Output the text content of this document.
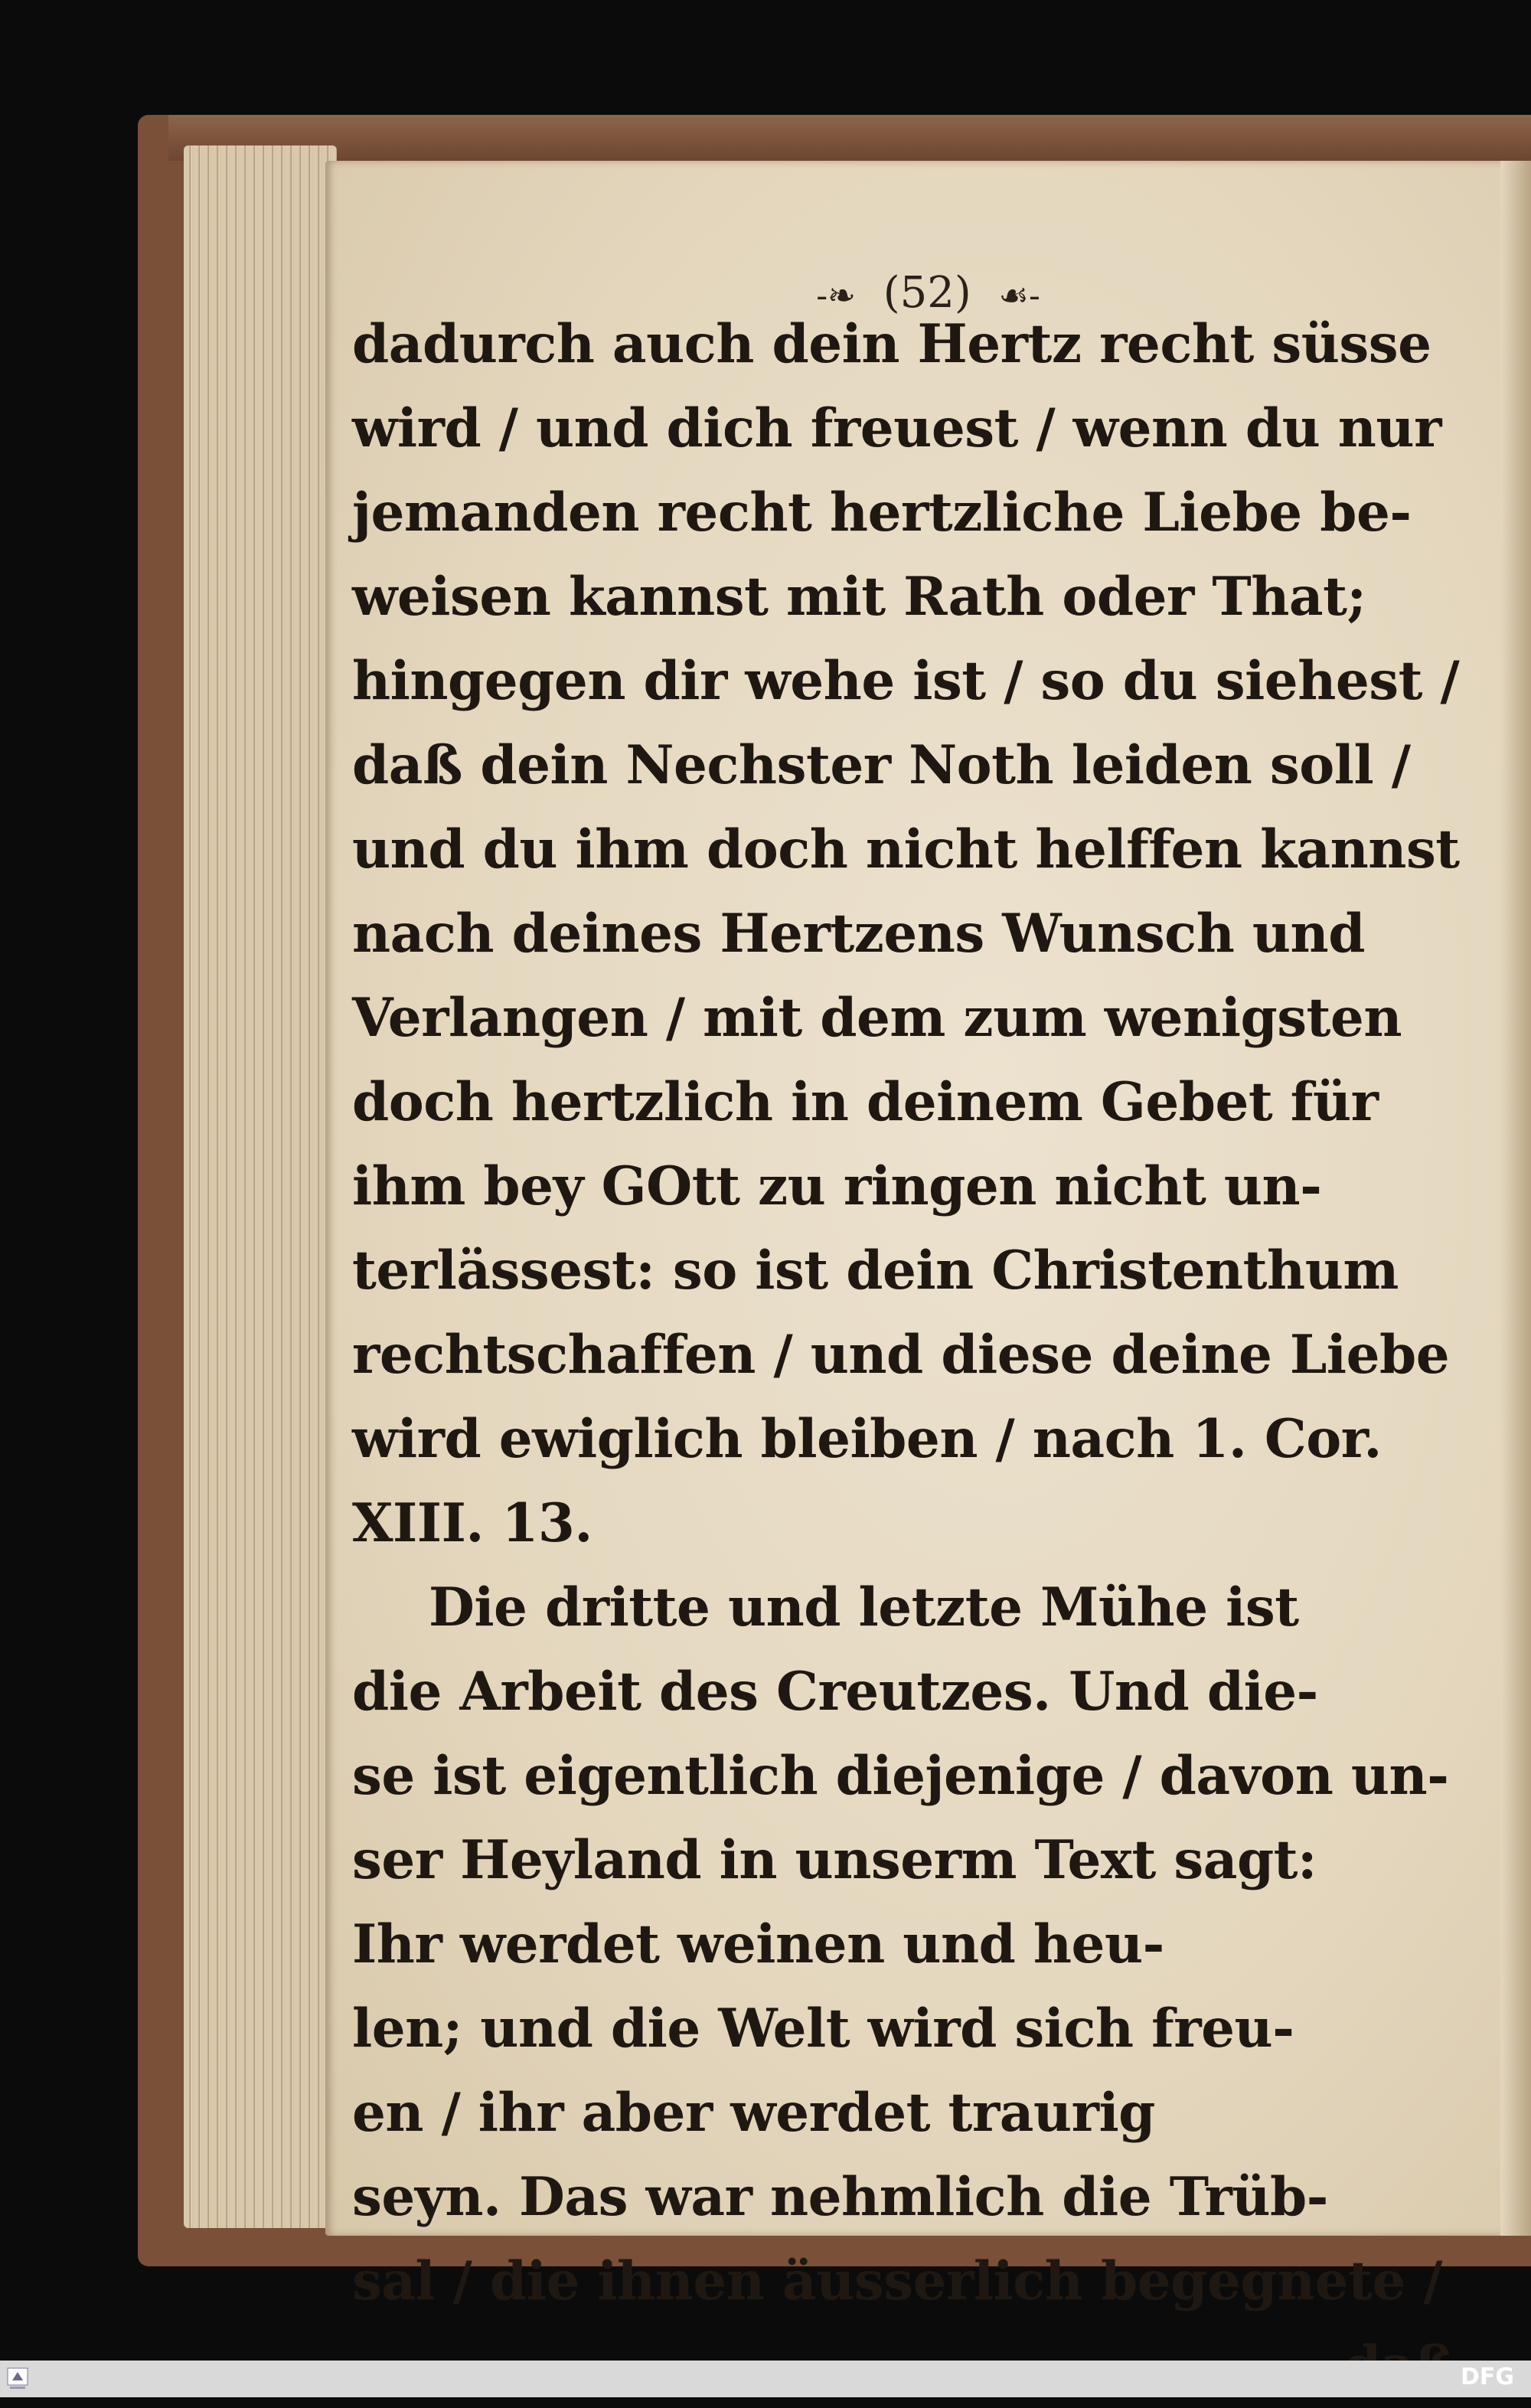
-❧ (52) ☙-
dadurch auch dein Hertz recht süsse
wird / und dich freuest / wenn du nur
jemanden recht hertzliche Liebe be-
weisen kannst mit Rath oder That;
hingegen dir wehe ist / so du siehest /
daß dein Nechster Noth leiden soll /
und du ihm doch nicht helffen kannst
nach deines Hertzens Wunsch und
Verlangen / mit dem zum wenigsten
doch hertzlich in deinem Gebet für
ihm bey GOtt zu ringen nicht un-
terlässest: so ist dein Christenthum
rechtschaffen / und diese deine Liebe
wird ewiglich bleiben / nach 1. Cor.
XIII. 13.
Die dritte und letzte Mühe ist
die Arbeit des Creutzes. Und die-
se ist eigentlich diejenige / davon un-
ser Heyland in unserm Text sagt:
Ihr werdet weinen und heu-
len; und die Welt wird sich freu-
en / ihr aber werdet traurig
seyn. Das war nehmlich die Trüb-
sal / die ihnen äusserlich begegnete /
DFG
